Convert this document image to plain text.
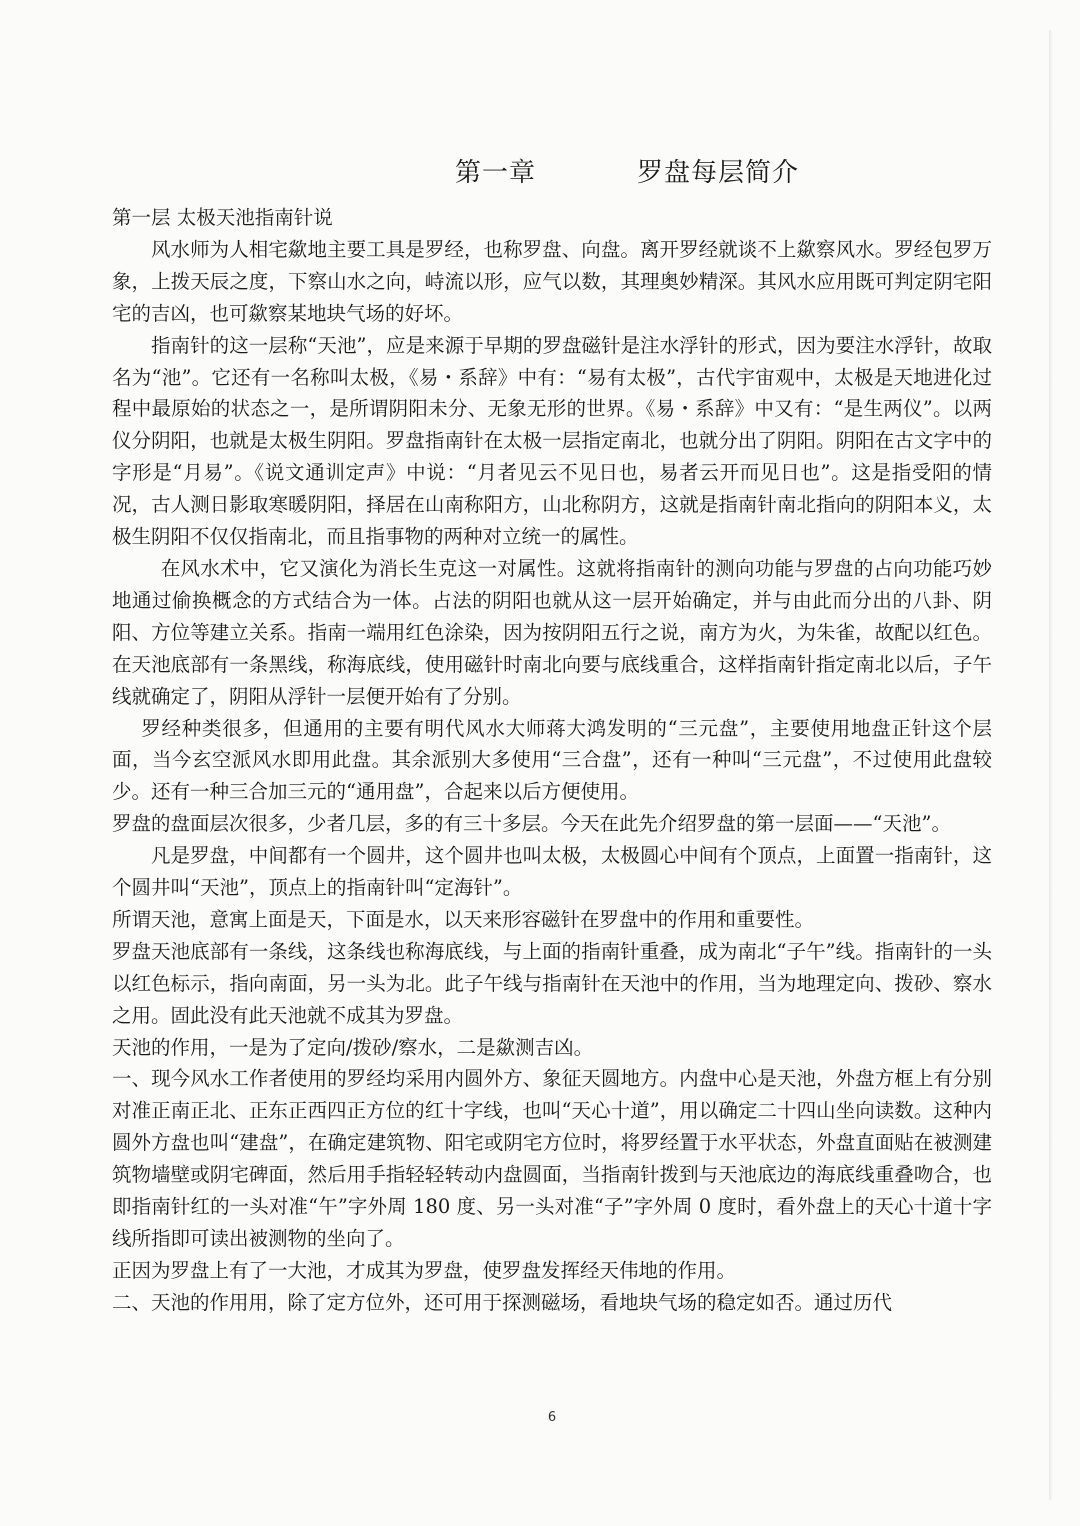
第一章    罗盘每层简介

第一层 太极天池指南针说

风水师为人相宅歘地主要工具是罗经，也称罗盘、向盘。离开罗经就谈不上歘察风水。罗经包罗万象，上拨天辰之度，下察山水之向，峙流以形，应气以数，其理奥妙精深。其风水应用既可判定阴宅阳宅的吉凶，也可歘察某地块气场的好坏。

指南针的这一层称“天池”，应是来源于早期的罗盘磁针是注水浮针的形式，因为要注水浮针，故取名为“池”。它还有一名称叫太极，《易・系辞》中有：“易有太极”，古代宇宙观中，太极是天地进化过程中最原始的状态之一，是所谓阴阳未分、无象无形的世界。《易・系辞》中又有：“是生两仪”。以两仪分阴阳，也就是太极生阴阳。罗盘指南针在太极一层指定南北，也就分出了阴阳。阴阳在古文字中的字形是“月易”。《说文通训定声》中说：“月者见云不见日也，易者云开而见日也”。这是指受阳的情况，古人测日影取寒暖阴阳，择居在山南称阳方，山北称阴方，这就是指南针南北指向的阴阳本义，太极生阴阳不仅仅指南北，而且指事物的两种对立统一的属性。

在风水术中，它又演化为消长生克这一对属性。这就将指南针的测向功能与罗盘的占向功能巧妙地通过偷换概念的方式结合为一体。占法的阴阳也就从这一层开始确定，并与由此而分出的八卦、阴阳、方位等建立关系。指南一端用红色涂染，因为按阴阳五行之说，南方为火，为朱雀，故配以红色。在天池底部有一条黑线，称海底线，使用磁针时南北向要与底线重合，这样指南针指定南北以后，子午线就确定了，阴阳从浮针一层便开始有了分别。

罗经种类很多，但通用的主要有明代风水大师蒋大鸿发明的“三元盘”，主要使用地盘正针这个层面，当今玄空派风水即用此盘。其余派别大多使用“三合盘”，还有一种叫“三元盘”，不过使用此盘较少。还有一种三合加三元的“通用盘”，合起来以后方便使用。

罗盘的盘面层次很多，少者几层，多的有三十多层。今天在此先介绍罗盘的第一层面——“天池”。

凡是罗盘，中间都有一个圆井，这个圆井也叫太极，太极圆心中间有个顶点，上面置一指南针，这个圆井叫“天池”，顶点上的指南针叫“定海针”。

所谓天池，意寓上面是天，下面是水，以天来形容磁针在罗盘中的作用和重要性。

罗盘天池底部有一条线，这条线也称海底线，与上面的指南针重叠，成为南北“子午”线。指南针的一头以红色标示，指向南面，另一头为北。此子午线与指南针在天池中的作用，当为地理定向、拨砂、察水之用。固此没有此天池就不成其为罗盘。

天池的作用，一是为了定向/拨砂/察水，二是歘测吉凶。

一、现今风水工作者使用的罗经均采用内圆外方、象征天圆地方。内盘中心是天池，外盘方框上有分别对准正南正北、正东正西四正方位的红十字线，也叫“天心十道”，用以确定二十四山坐向读数。这种内圆外方盘也叫“建盘”，在确定建筑物、阳宅或阴宅方位时，将罗经置于水平状态，外盘直面贴在被测建筑物墙壁或阴宅碑面，然后用手指轻轻转动内盘圆面，当指南针拨到与天池底边的海底线重叠吻合，也即指南针红的一头对准“午”字外周 180 度、另一头对准“子”字外周 0 度时，看外盘上的天心十道十字线所指即可读出被测物的坐向了。

正因为罗盘上有了一大池，才成其为罗盘，使罗盘发挥经天伟地的作用。

二、天池的作用用，除了定方位外，还可用于探测磁场，看地块气场的稳定如否。通过历代

6
